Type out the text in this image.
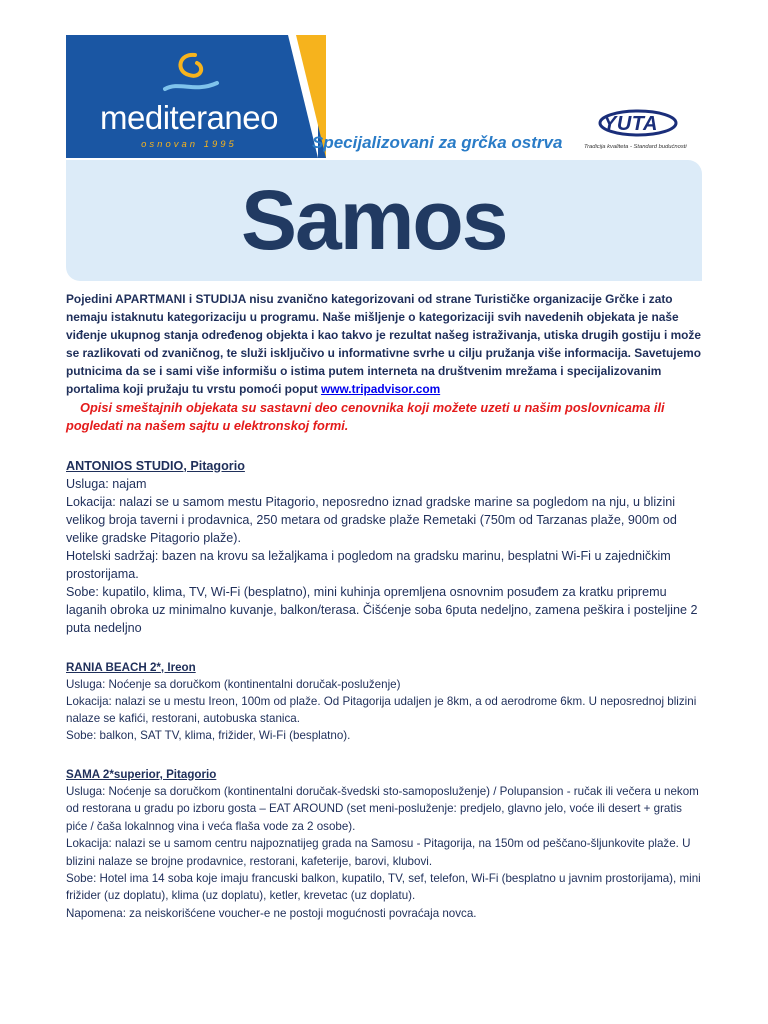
mediteraneo
osnovan 1995	Specijalizovani za grčka ostrva
YUTA
Tradicija kvaliteta - Standard budućnosti
Samos

Pojedini APARTMANI i STUDIJA nisu zvanično kategorizovani od strane Turističke organizacije Grčke i zato nemaju istaknutu kategorizaciju u programu. Naše mišljenje o kategorizaciji svih navedenih objekata je naše viđenje ukupnog stanja određenog objekta i kao takvo je rezultat našeg istraživanja, utiska drugih gostiju i može se razlikovati od zvaničnog, te služi isključivo u informativne svrhe u cilju pružanja više informacija. Savetujemo putnicima da se i sami više informišu o istima putem interneta na društvenim mrežama i specijalizovanim portalima koji pružaju tu vrstu pomoći poput www.tripadvisor.com

Opisi smeštajnih objekata su sastavni deo cenovnika koji možete uzeti u našim poslovnicama ili pogledati na našem sajtu u elektronskoj formi.

ANTONIOS STUDIO, Pitagorio

Usluga: najam

Lokacija: nalazi se u samom mestu Pitagorio, neposredno iznad gradske marine sa pogledom na nju, u blizini velikog broja taverni i prodavnica, 250 metara od gradske plaže Remetaki (750m od Tarzanas plaže, 900m od velike gradske Pitagorio plaže).

Hotelski sadržaj: bazen na krovu sa ležaljkama i pogledom na gradsku marinu, besplatni Wi-Fi u zajedničkim prostorijama.

Sobe: kupatilo, klima, TV, Wi-Fi (besplatno), mini kuhinja opremljena osnovnim posuđem za kratku pripremu laganih obroka uz minimalno kuvanje, balkon/terasa. Čišćenje soba 6puta nedeljno, zamena peškira i posteljine 2 puta nedeljno

RANIA BEACH 2*, Ireon

Usluga: Noćenje sa doručkom (kontinentalni doručak-posluženje)

Lokacija: nalazi se u mestu Ireon, 100m od plaže. Od Pitagorija udaljen je 8km, a od aerodrome 6km. U neposrednoj blizini nalaze se kafići, restorani, autobuska stanica.

Sobe: balkon, SAT TV, klima, frižider, Wi-Fi (besplatno).

SAMA 2*superior, Pitagorio

Usluga: Noćenje sa doručkom (kontinentalni doručak-švedski sto-samoposluženje) / Polupansion - ručak ili večera u nekom od restorana u gradu po izboru gosta – EAT AROUND (set meni-posluženje: predjelo, glavno jelo, voće ili desert + gratis piće / čaša lokalnnog vina i veća flaša vode za 2 osobe).

Lokacija: nalazi se u samom centru najpoznatijeg grada na Samosu - Pitagorija, na 150m od peščano-šljunkovite plaže. U blizini nalaze se brojne prodavnice, restorani, kafeterije, barovi, klubovi.

Sobe: Hotel ima 14 soba koje imaju francuski balkon, kupatilo, TV, sef, telefon, Wi-Fi (besplatno u javnim prostorijama), mini frižider (uz doplatu), klima (uz doplatu), ketler, krevetac (uz doplatu).

Napomena: za neiskorišćene voucher-e ne postoji mogućnosti povraćaja novca.
